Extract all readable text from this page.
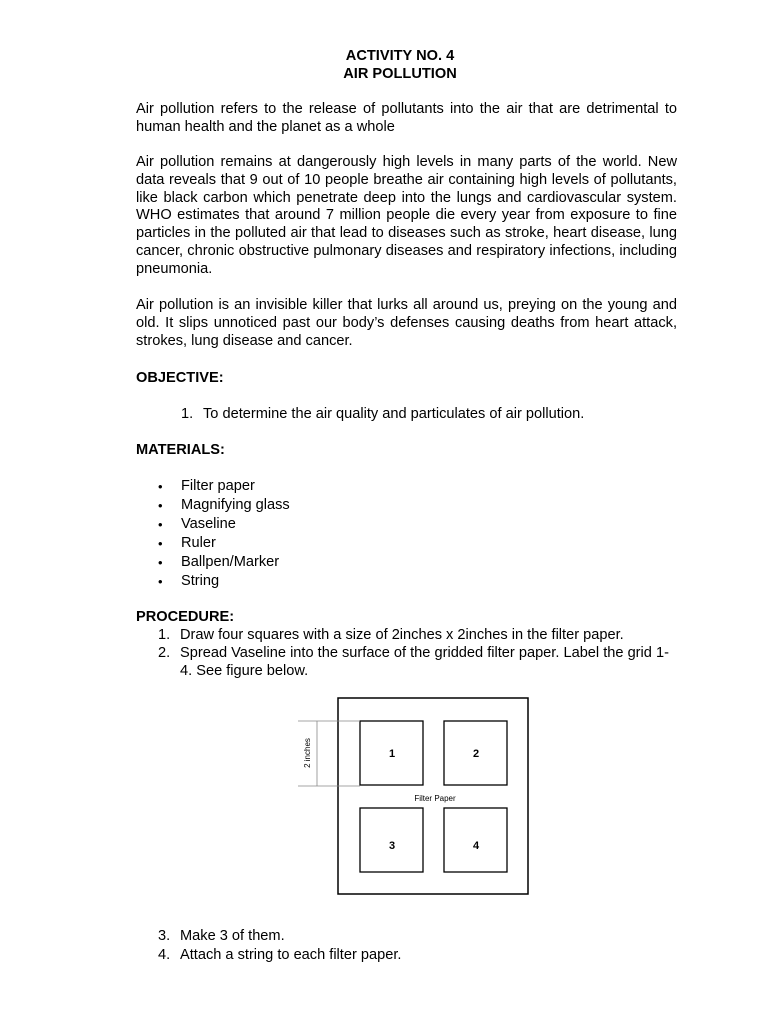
ACTIVITY NO. 4
AIR POLLUTION

Air pollution refers to the release of pollutants into the air that are detrimental to human health and the planet as a whole

Air pollution remains at dangerously high levels in many parts of the world. New data reveals that 9 out of 10 people breathe air containing high levels of pollutants, like black carbon which penetrate deep into the lungs and cardiovascular system. WHO estimates that around 7 million people die every year from exposure to fine particles in the polluted air that lead to diseases such as stroke, heart disease, lung cancer, chronic obstructive pulmonary diseases and respiratory infections, including pneumonia.

Air pollution is an invisible killer that lurks all around us, preying on the young and old. It slips unnoticed past our body’s defenses causing deaths from heart attack, strokes, lung disease and cancer.

OBJECTIVE:
1. To determine the air quality and particulates of air pollution.
MATERIALS:
• Filter paper
• Magnifying glass
• Vaseline
• Ruler
• Ballpen/Marker
• String
PROCEDURE:
1. Draw four squares with a size of 2inches x 2inches in the filter paper.
2. Spread Vaseline into the surface of the gridded filter paper. Label the grid 1-4. See figure below.
1	2
3	4
Filter Paper
2 inches
3. Make 3 of them.
4. Attach a string to each filter paper.
